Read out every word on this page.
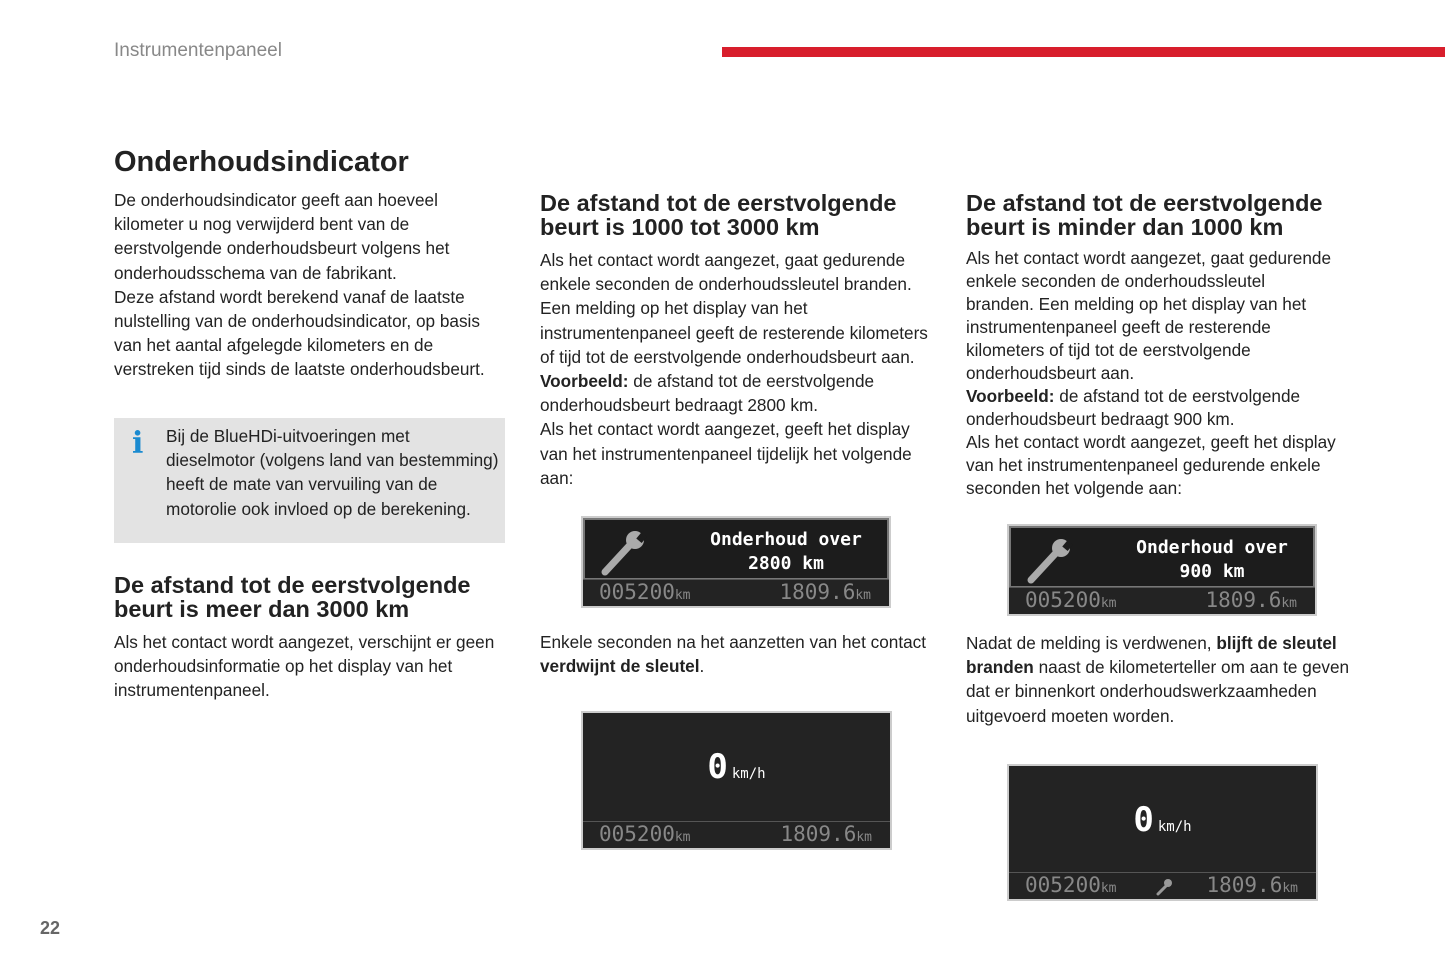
Instrumentenpaneel
Onderhoudsindicator

De onderhoudsindicator geeft aan hoeveel kilometer u nog verwijderd bent van de eerstvolgende onderhoudsbeurt volgens het onderhoudsschema van de fabrikant.

Deze afstand wordt berekend vanaf de laatste nulstelling van de onderhoudsindicator, op basis van het aantal afgelegde kilometers en de verstreken tijd sinds de laatste onderhoudsbeurt.

i Bij de BlueHDi-uitvoeringen met dieselmotor (volgens land van bestemming) heeft de mate van vervuiling van de motorolie ook invloed op de berekening.

De afstand tot de eerstvolgende beurt is meer dan 3000 km

Als het contact wordt aangezet, verschijnt er geen onderhoudsinformatie op het display van het instrumentenpaneel.

De afstand tot de eerstvolgende beurt is 1000 tot 3000 km

Als het contact wordt aangezet, gaat gedurende enkele seconden de onderhoudssleutel branden. Een melding op het display van het instrumentenpaneel geeft de resterende kilometers of tijd tot de eerstvolgende onderhoudsbeurt aan.

Voorbeeld: de afstand tot de eerstvolgende onderhoudsbeurt bedraagt 2800 km.

Als het contact wordt aangezet, geeft het display van het instrumentenpaneel tijdelijk het volgende aan:

Onderhoud over
2800 km
005200km	1809.6km

Enkele seconden na het aanzetten van het contact verdwijnt de sleutel.

0 km/h
005200km	1809.6km
De afstand tot de eerstvolgende beurt is minder dan 1000 km

Als het contact wordt aangezet, gaat gedurende enkele seconden de onderhoudssleutel branden. Een melding op het display van het instrumentenpaneel geeft de resterende kilometers of tijd tot de eerstvolgende onderhoudsbeurt aan.

Voorbeeld: de afstand tot de eerstvolgende onderhoudsbeurt bedraagt 900 km.

Als het contact wordt aangezet, geeft het display van het instrumentenpaneel gedurende enkele seconden het volgende aan:

Onderhoud over
900 km
005200km	1809.6km

Nadat de melding is verdwenen, blijft de sleutel branden naast de kilometerteller om aan te geven dat er binnenkort onderhoudswerkzaamheden uitgevoerd moeten worden.

0 km/h
005200km	1809.6km
22
